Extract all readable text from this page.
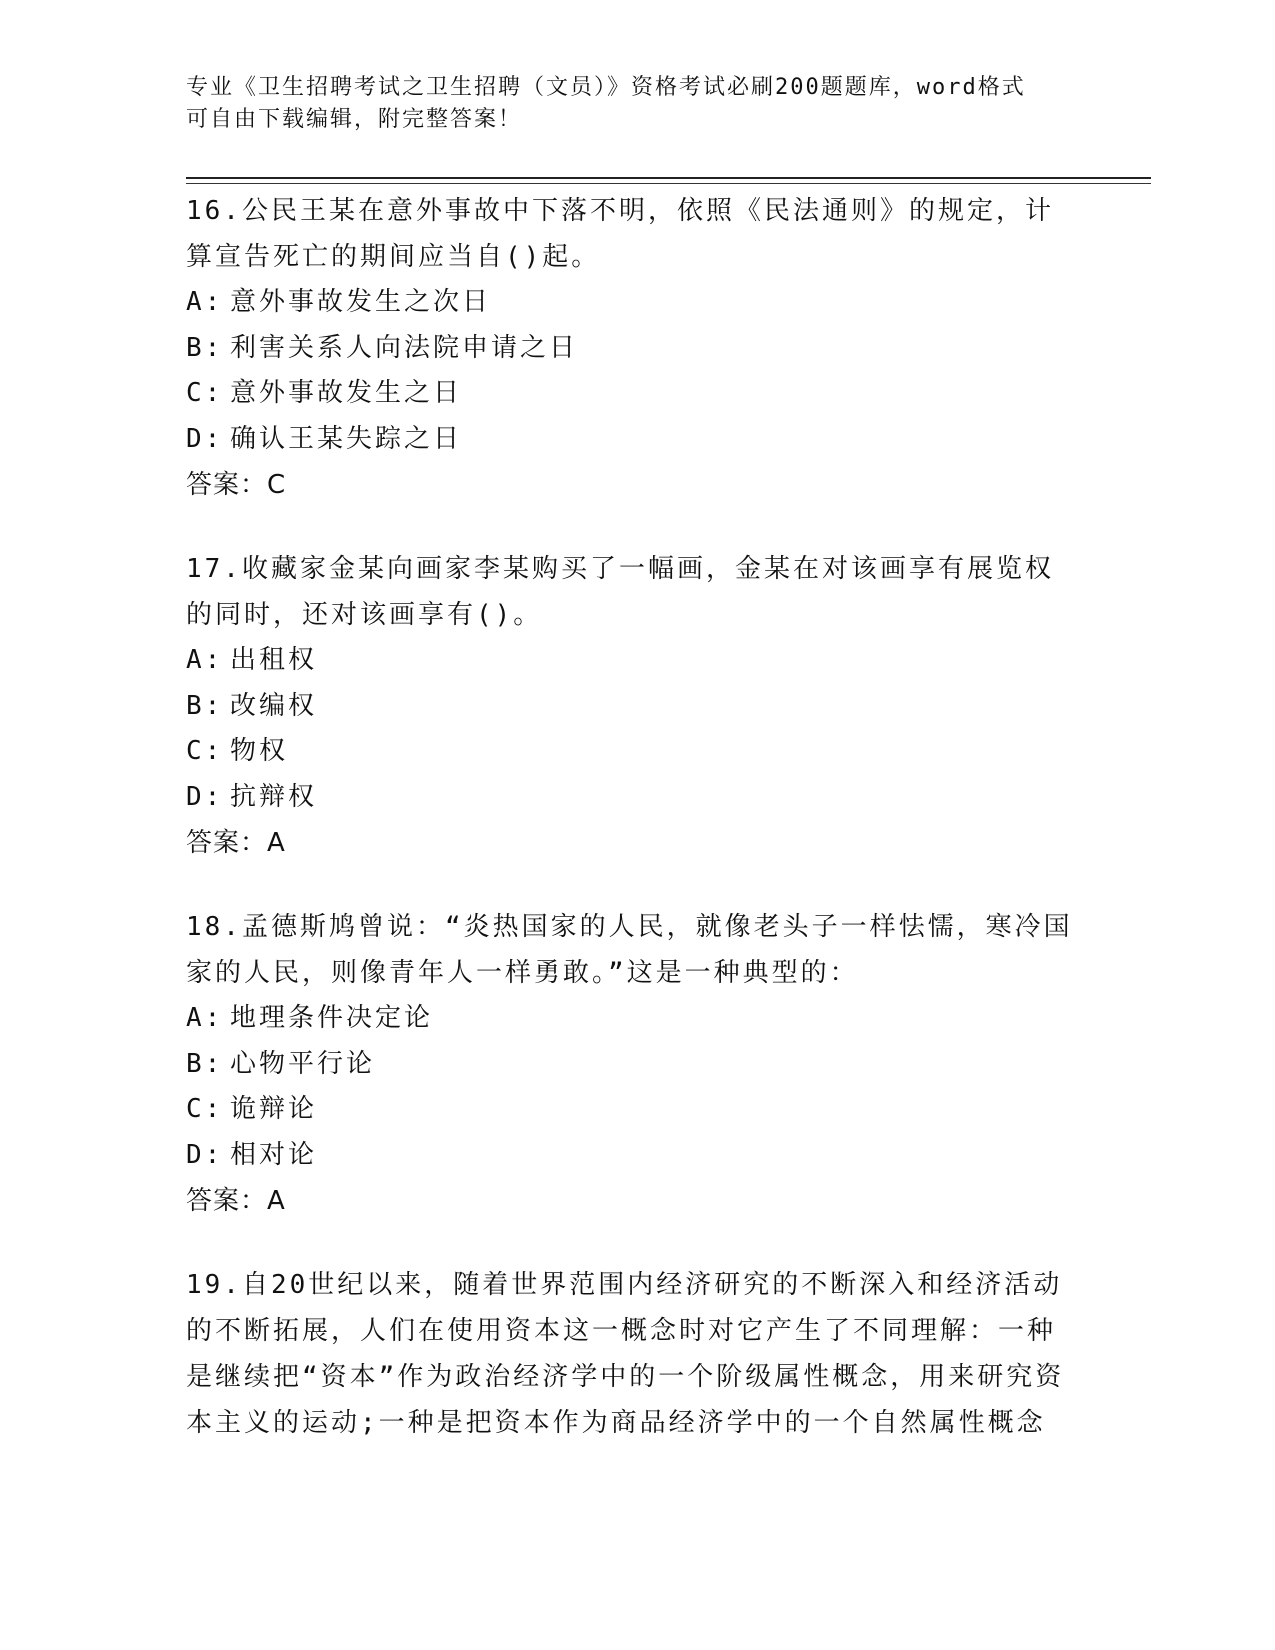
专业《卫生招聘考试之卫生招聘（文员）》资格考试必刷200题题库，word格式
可自由下载编辑，附完整答案！

16.公民王某在意外事故中下落不明，依照《民法通则》的规定，计算宣告死亡的期间应当自()起。

A: 意外事故发生之次日
B: 利害关系人向法院申请之日
C: 意外事故发生之日
D: 确认王某失踪之日

答案：C

17.收藏家金某向画家李某购买了一幅画，金某在对该画享有展览权的同时，还对该画享有()。

A: 出租权
B: 改编权
C: 物权
D: 抗辩权

答案：A

18.孟德斯鸠曾说：“炎热国家的人民，就像老头子一样怯懦，寒冷国家的人民，则像青年人一样勇敢。”这是一种典型的：

A: 地理条件决定论
B: 心物平行论
C: 诡辩论
D: 相对论

答案：A

19.自20世纪以来，随着世界范围内经济研究的不断深入和经济活动的不断拓展，人们在使用资本这一概念时对它产生了不同理解：一种是继续把“资本”作为政治经济学中的一个阶级属性概念，用来研究资本主义的运动;一种是把资本作为商品经济学中的一个自然属性概念
